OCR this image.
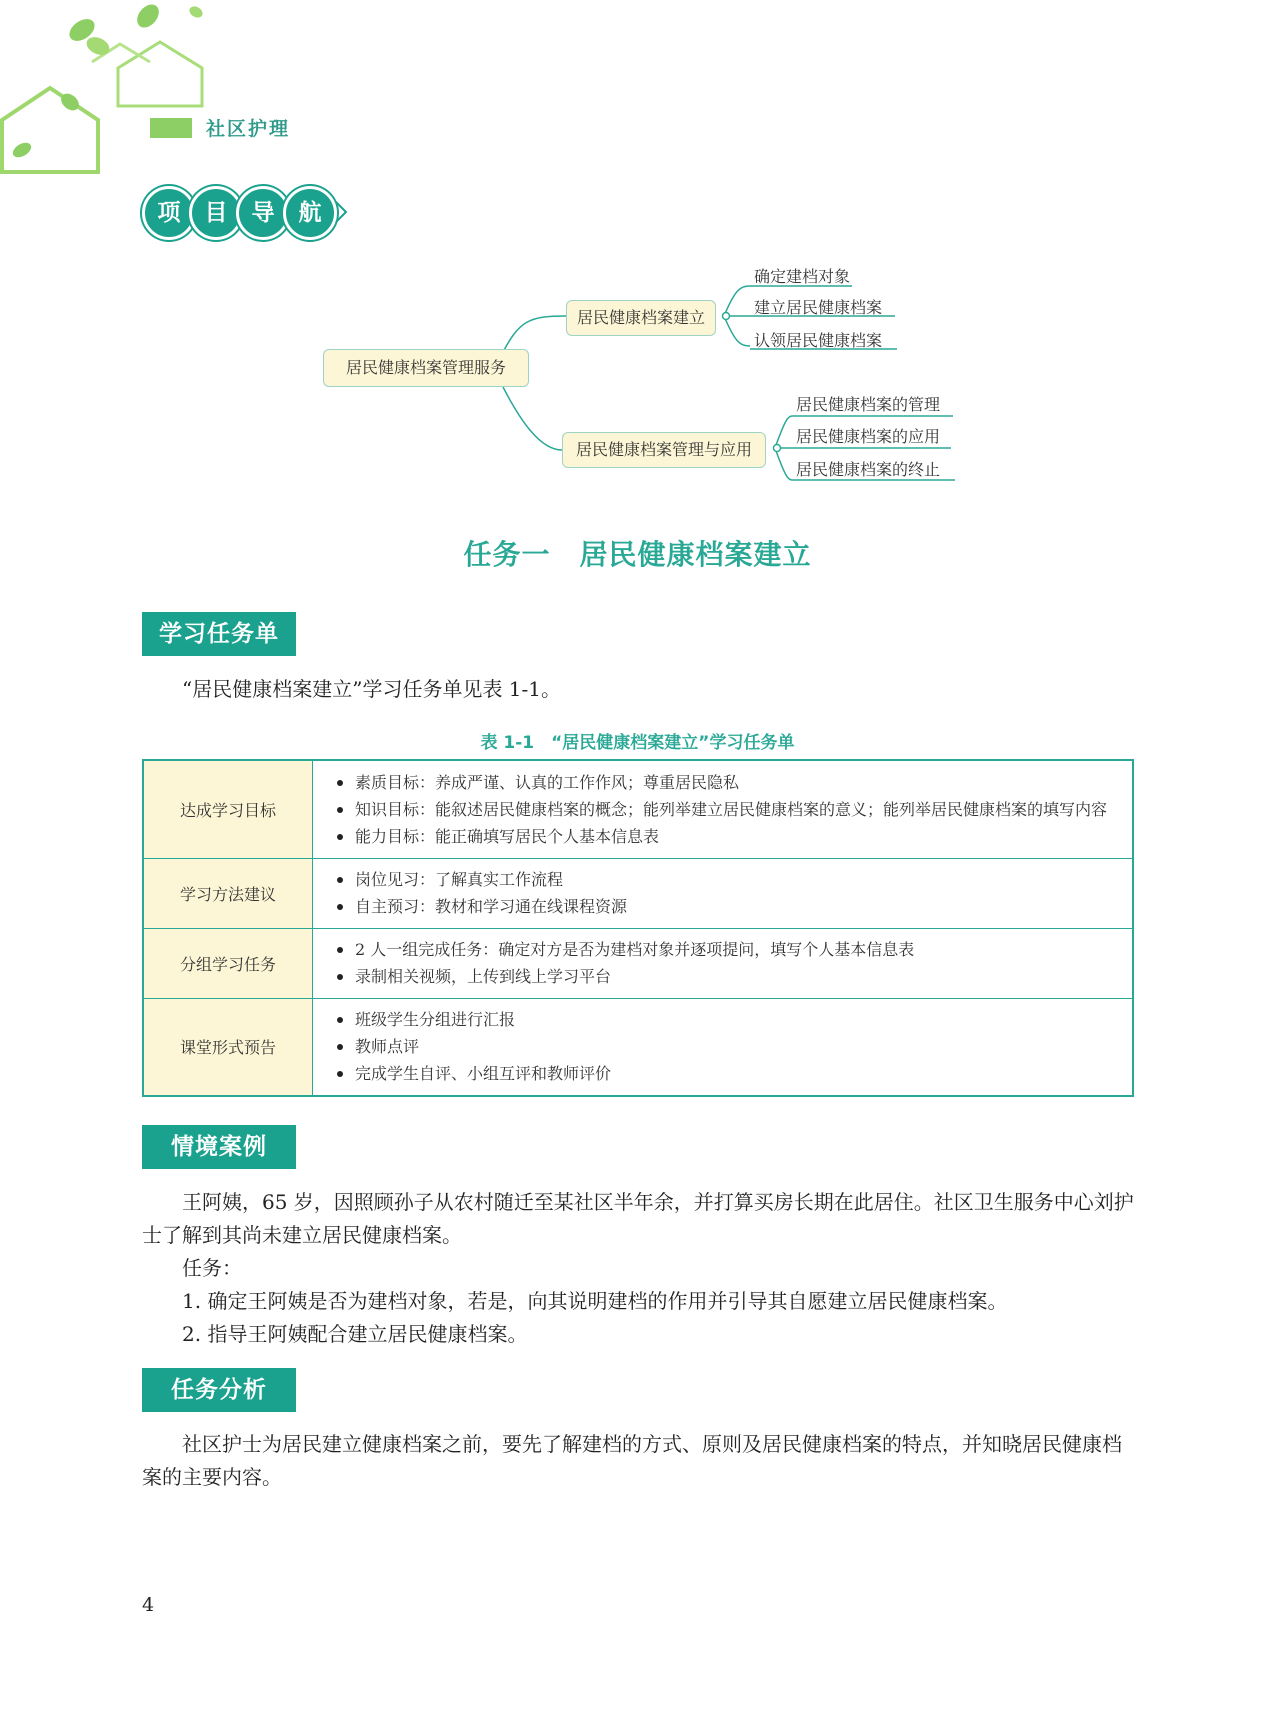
社区护理
项	目	导	航
居民健康档案管理服务
居民健康档案建立
居民健康档案管理与应用
确定建档对象
建立居民健康档案
认领居民健康档案
居民健康档案的管理
居民健康档案的应用
居民健康档案的终止
任务一　居民健康档案建立
学习任务单
“居民健康档案建立”学习任务单见表 1-1。
表 1-1　“居民健康档案建立”学习任务单
达成学习目标	素质目标：养成严谨、认真的工作作风；尊重居民隐私
知识目标：能叙述居民健康档案的概念；能列举建立居民健康档案的意义；能列举居民健康档案的填写内容
能力目标：能正确填写居民个人基本信息表

学习方法建议	岗位见习：了解真实工作流程
自主预习：教材和学习通在线课程资源

分组学习任务	2 人一组完成任务：确定对方是否为建档对象并逐项提问，填写个人基本信息表
录制相关视频，上传到线上学习平台

课堂形式预告	班级学生分组进行汇报
教师点评
完成学生自评、小组互评和教师评价
情境案例
王阿姨，65 岁，因照顾孙子从农村随迁至某社区半年余，并打算买房长期在此居住。社区卫生服务中心刘护士了解到其尚未建立居民健康档案。
任务：
1. 确定王阿姨是否为建档对象，若是，向其说明建档的作用并引导其自愿建立居民健康档案。
2. 指导王阿姨配合建立居民健康档案。
任务分析
社区护士为居民建立健康档案之前，要先了解建档的方式、原则及居民健康档案的特点，并知晓居民健康档案的主要内容。
4
